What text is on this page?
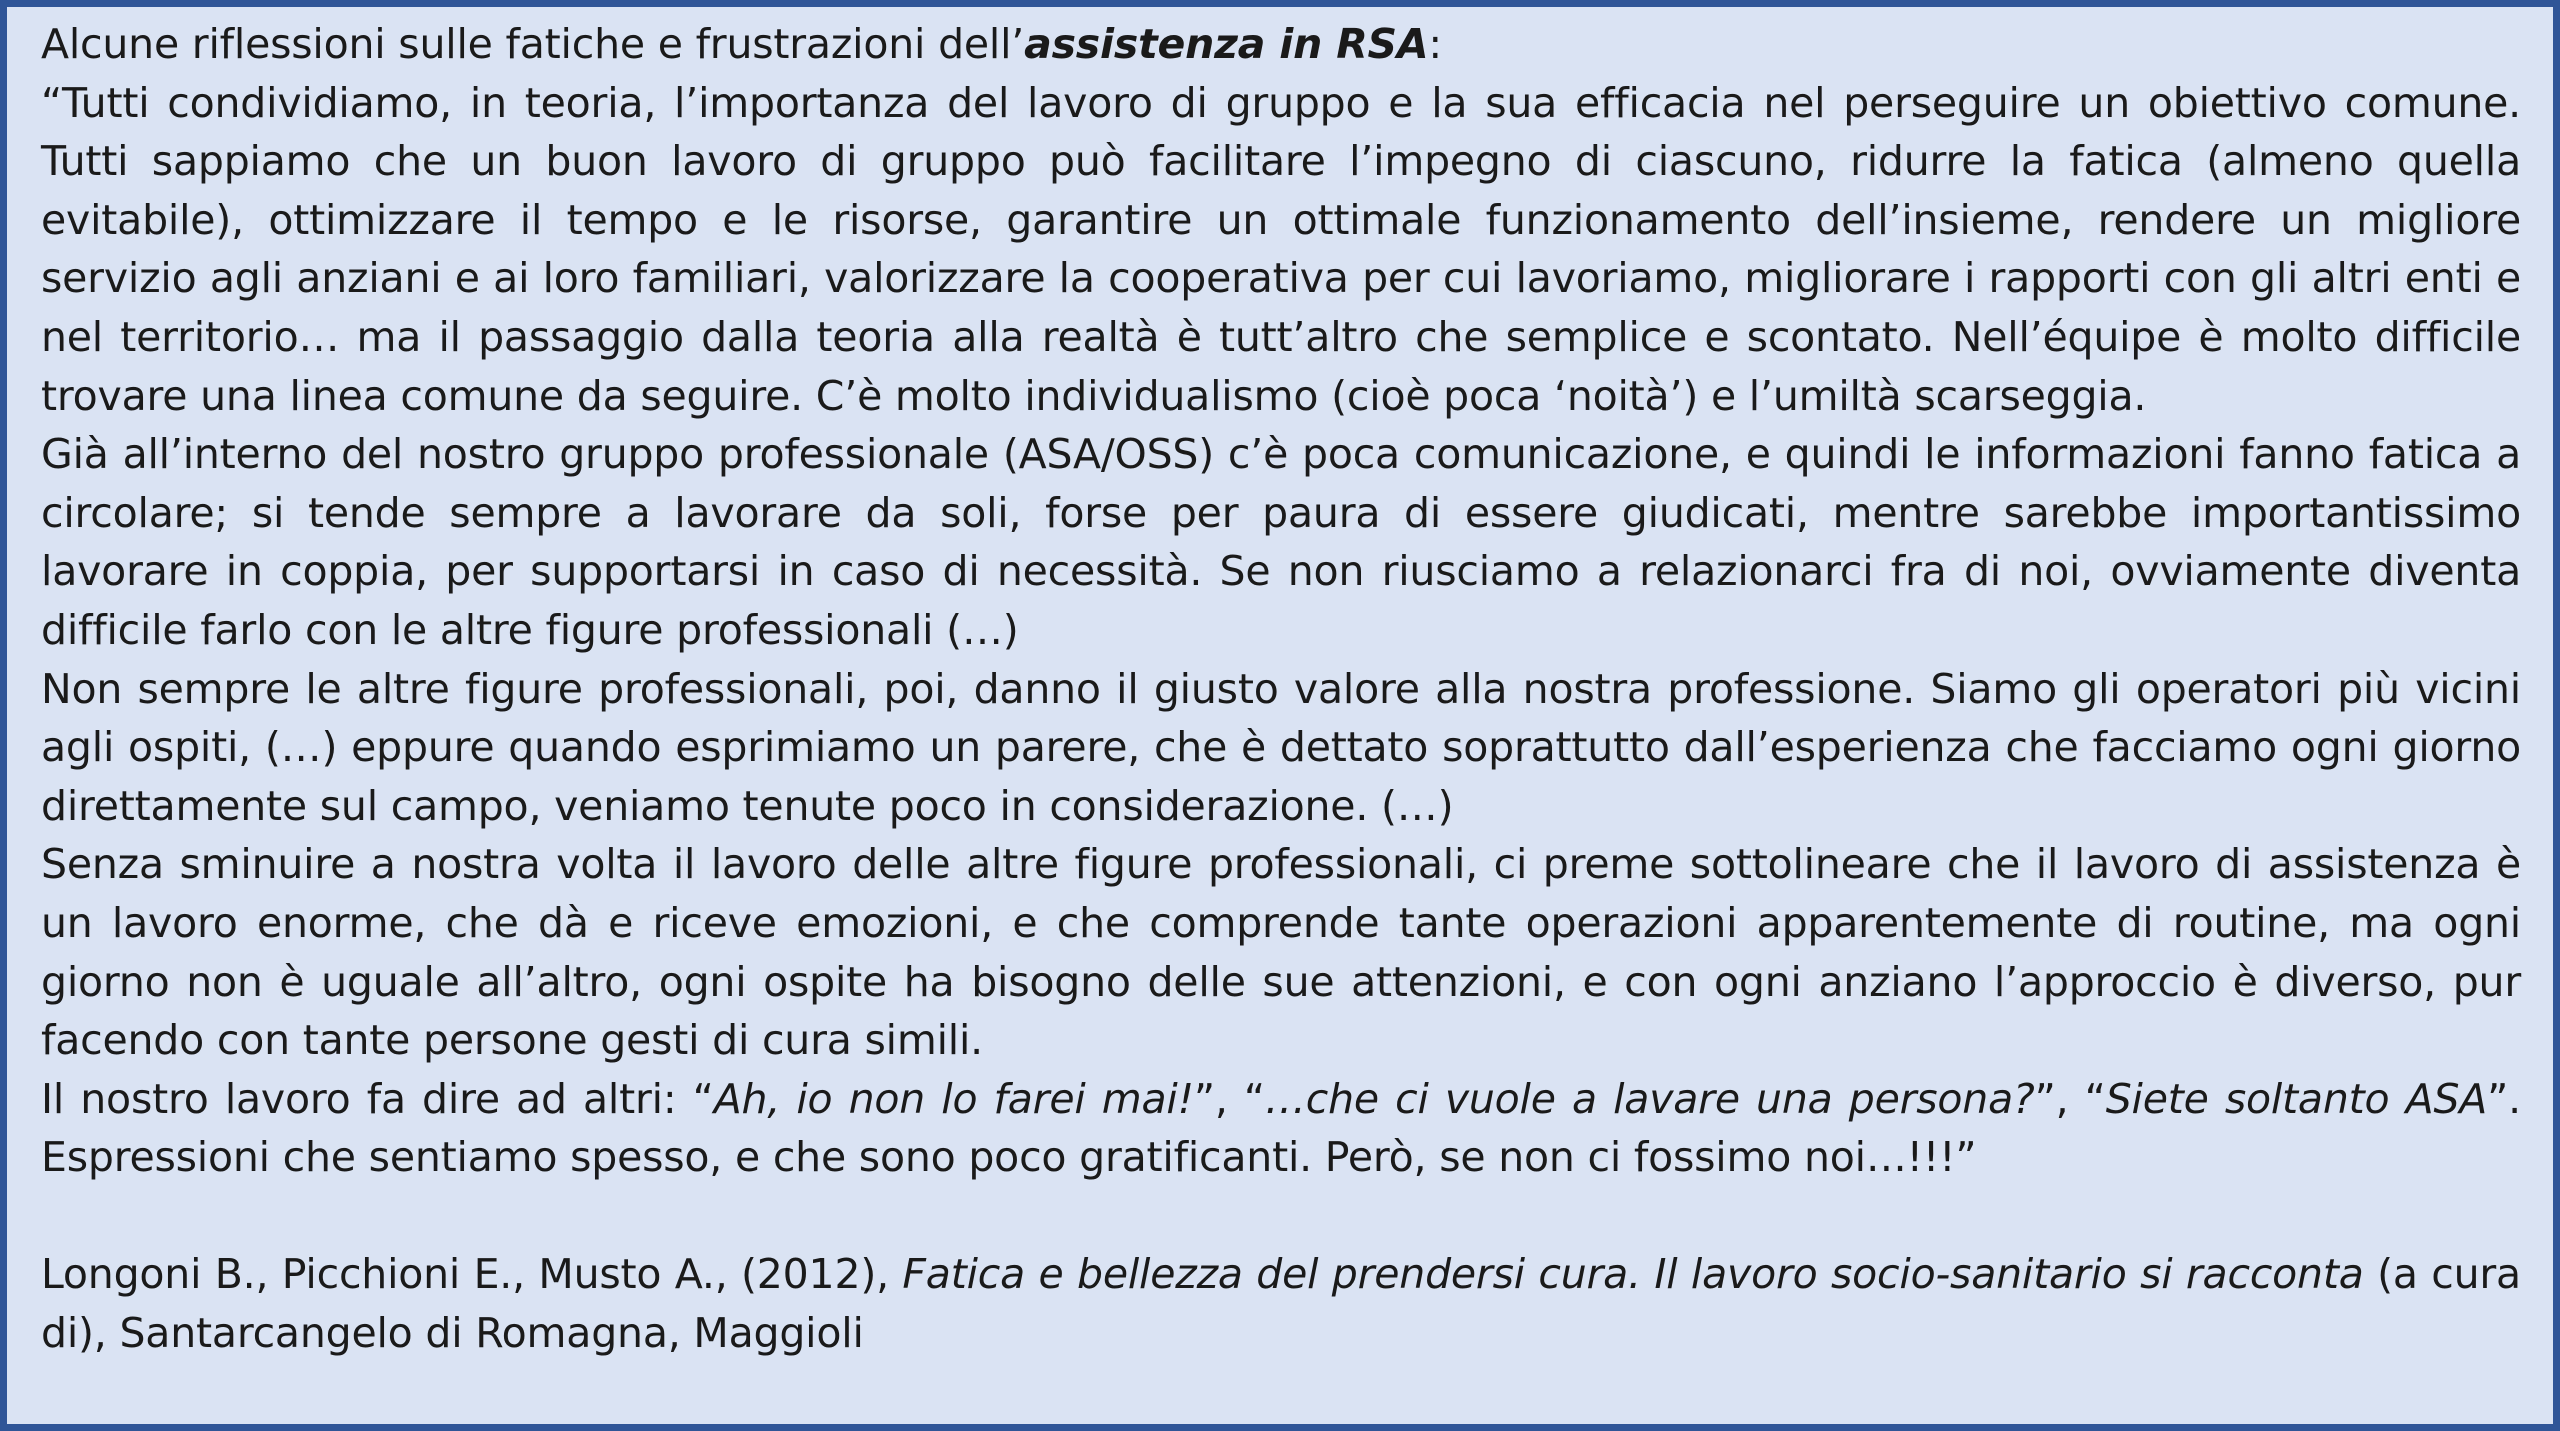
Alcune riflessioni sulle fatiche e frustrazioni dell’assistenza in RSA:

“Tutti condividiamo, in teoria, l’importanza del lavoro di gruppo e la sua efficacia nel perseguire un obiettivo comune. Tutti sappiamo che un buon lavoro di gruppo può facilitare l’impegno di ciascuno, ridurre la fatica (almeno quella evitabile), ottimizzare il tempo e le risorse, garantire un ottimale funzionamento dell’insieme, rendere un migliore servizio agli anziani e ai loro familiari, valorizzare la cooperativa per cui lavoriamo, migliorare i rapporti con gli altri enti e nel territorio… ma il passaggio dalla teoria alla realtà è tutt’altro che semplice e scontato. Nell’équipe è molto difficile trovare una linea comune da seguire. C’è molto individualismo (cioè poca ‘noità’) e l’umiltà scarseggia.

Già all’interno del nostro gruppo professionale (ASA/OSS) c’è poca comunicazione, e quindi le informazioni fanno fatica a circolare; si tende sempre a lavorare da soli, forse per paura di essere giudicati, mentre sarebbe importantissimo lavorare in coppia, per supportarsi in caso di necessità. Se non riusciamo a relazionarci fra di noi, ovviamente diventa difficile farlo con le altre figure professionali (…)

Non sempre le altre figure professionali, poi, danno il giusto valore alla nostra professione. Siamo gli operatori più vicini agli ospiti, (…) eppure quando esprimiamo un parere, che è dettato soprattutto dall’esperienza che facciamo ogni giorno direttamente sul campo, veniamo tenute poco in considerazione. (…)

Senza sminuire a nostra volta il lavoro delle altre figure professionali, ci preme sottolineare che il lavoro di assistenza è un lavoro enorme, che dà e riceve emozioni, e che comprende tante operazioni apparentemente di routine, ma ogni giorno non è uguale all’altro, ogni ospite ha bisogno delle sue attenzioni, e con ogni anziano l’approccio è diverso, pur facendo con tante persone gesti di cura simili.

Il nostro lavoro fa dire ad altri: “Ah, io non lo farei mai!”, “…che ci vuole a lavare una persona?”, “Siete soltanto ASA”. Espressioni che sentiamo spesso, e che sono poco gratificanti. Però, se non ci fossimo noi…!!!”

Longoni B., Picchioni E., Musto A., (2012), Fatica e bellezza del prendersi cura. Il lavoro socio-sanitario si racconta (a cura di), Santarcangelo di Romagna, Maggioli
